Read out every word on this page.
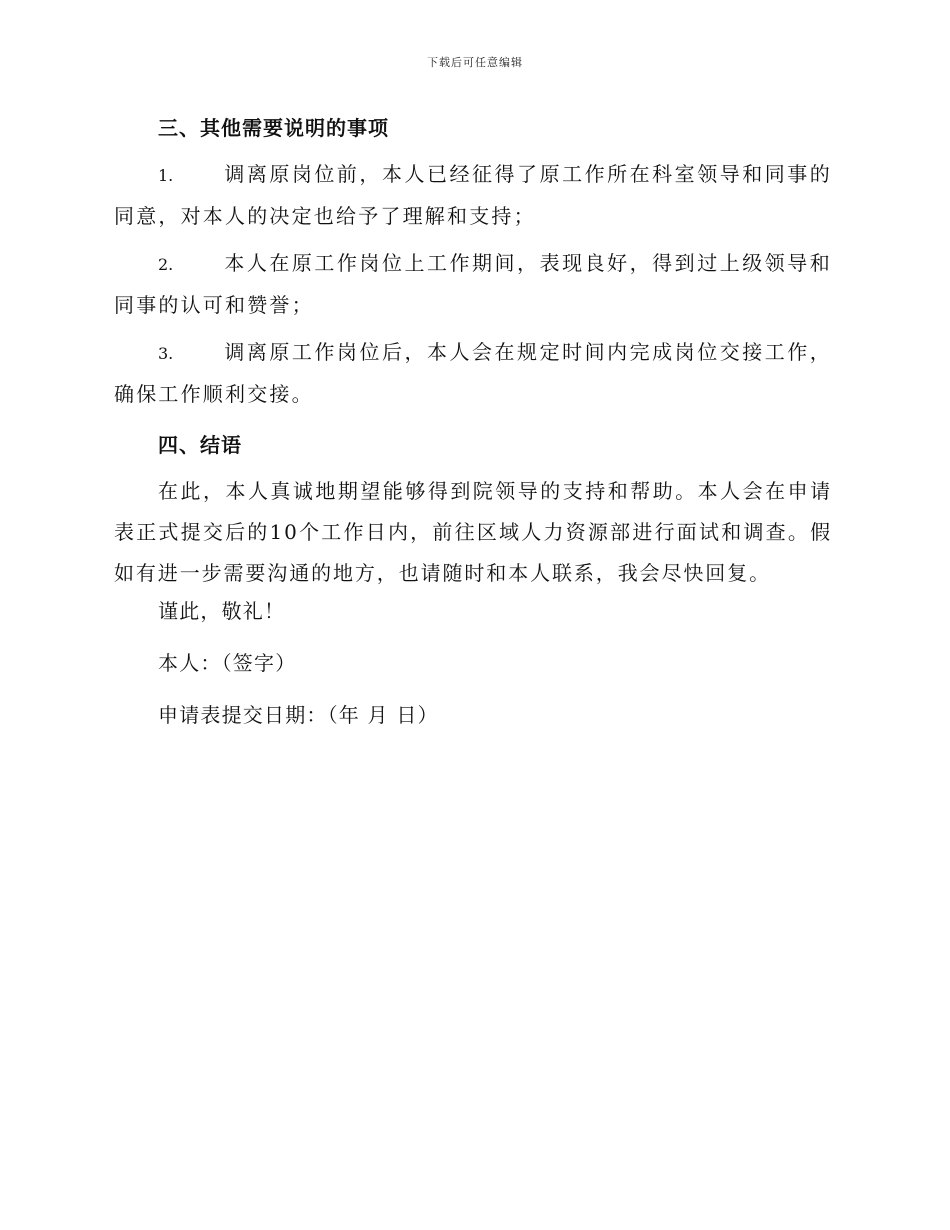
下载后可任意编辑
三、其他需要说明的事项

1.	调离原岗位前，本人已经征得了原工作所在科室领导和同事的同意，对本人的决定也给予了理解和支持；

2.	本人在原工作岗位上工作期间，表现良好，得到过上级领导和同事的认可和赞誉；

3.	调离原工作岗位后，本人会在规定时间内完成岗位交接工作，确保工作顺利交接。

四、结语

在此，本人真诚地期望能够得到院领导的支持和帮助。本人会在申请表正式提交后的10个工作日内，前往区域人力资源部进行面试和调查。假如有进一步需要沟通的地方，也请随时和本人联系，我会尽快回复。

谨此，敬礼！

本人：（签字）

申请表提交日期：（年 月 日）
